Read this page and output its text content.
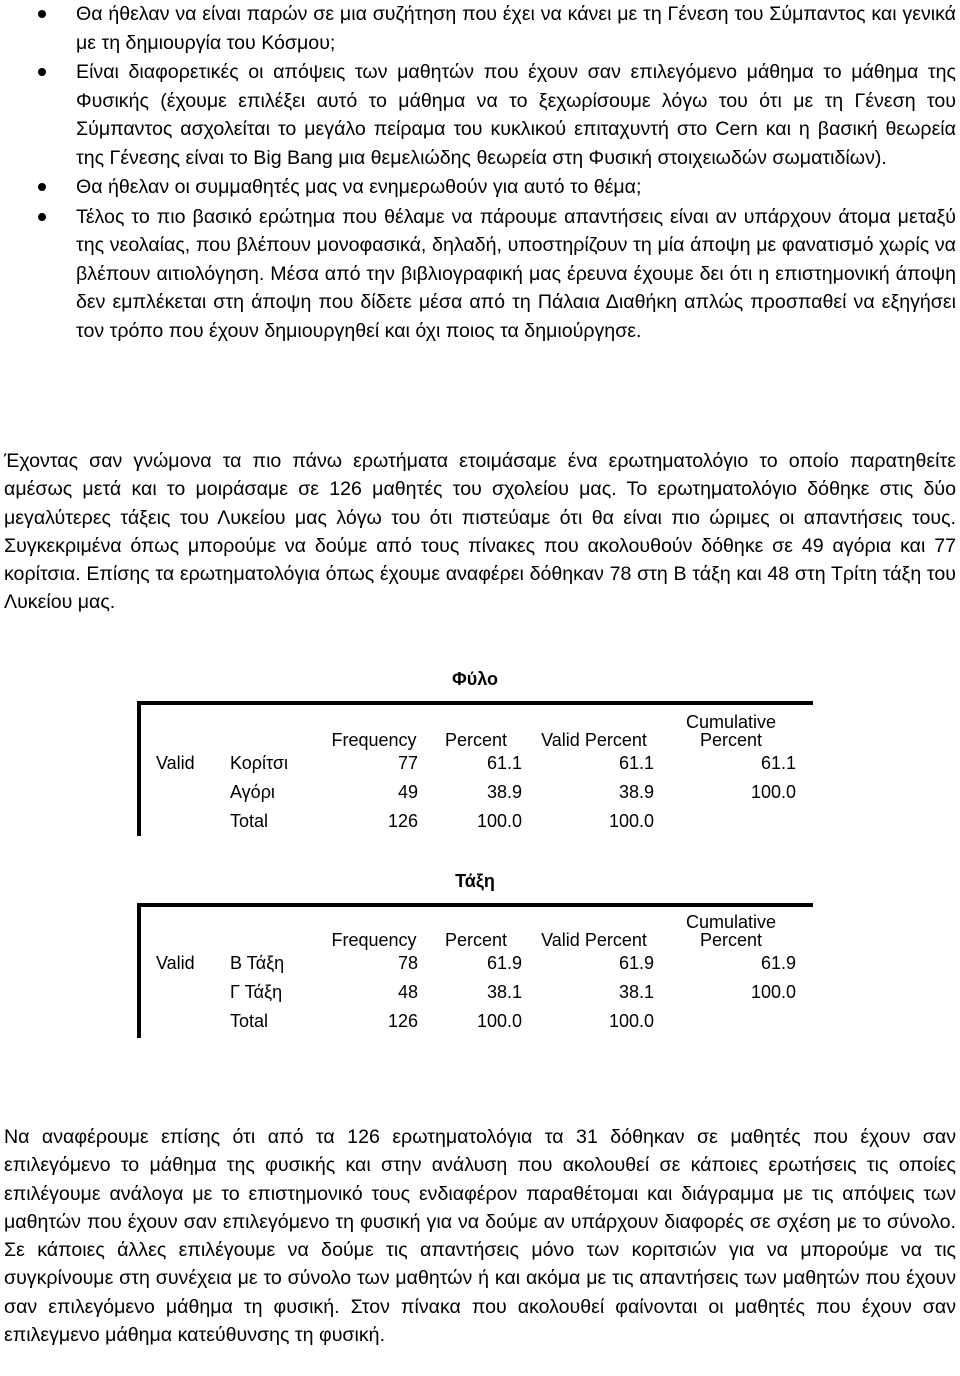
Θα ήθελαν να είναι παρών σε μια συζήτηση που έχει να κάνει με τη Γένεση του Σύμπαντος και γενικά με τη δημιουργία του Κόσμου;
Είναι διαφορετικές οι απόψεις των μαθητών που έχουν σαν επιλεγόμενο μάθημα το μάθημα της Φυσικής (έχουμε επιλέξει αυτό το μάθημα να το ξεχωρίσουμε λόγω του ότι με τη Γένεση του Σύμπαντος ασχολείται το μεγάλο πείραμα του κυκλικού επιταχυντή στο Cern και η βασική θεωρεία της Γένεσης είναι το Big Bang μια θεμελιώδης θεωρεία στη Φυσική στοιχειωδών σωματιδίων).
Θα ήθελαν οι συμμαθητές μας να ενημερωθούν για αυτό το θέμα;
Τέλος το πιο βασικό ερώτημα που θέλαμε να πάρουμε απαντήσεις είναι αν υπάρχουν άτομα μεταξύ της νεολαίας, που βλέπουν μονοφασικά, δηλαδή, υποστηρίζουν τη μία άποψη με φανατισμό χωρίς να βλέπουν αιτιολόγηση. Μέσα από την βιβλιογραφική μας έρευνα έχουμε δει ότι η επιστημονική άποψη δεν εμπλέκεται στη άποψη που δίδετε μέσα από τη Πάλαια Διαθήκη απλώς προσπαθεί να εξηγήσει τον τρόπο που έχουν δημιουργηθεί και όχι ποιος τα δημιούργησε.

Έχοντας σαν γνώμονα τα πιο πάνω ερωτήματα ετοιμάσαμε ένα ερωτηματολόγιο το οποίο παρατηθείτε αμέσως μετά και το μοιράσαμε σε 126 μαθητές του σχολείου μας. Το ερωτηματολόγιο δόθηκε στις δύο μεγαλύτερες τάξεις του Λυκείου μας λόγω του ότι πιστεύαμε ότι θα είναι πιο ώριμες οι απαντήσεις τους. Συγκεκριμένα όπως μπορούμε να δούμε από τους πίνακες που ακολουθούν δόθηκε σε 49 αγόρια και 77 κορίτσια. Επίσης τα ερωτηματολόγια όπως έχουμε αναφέρει δόθηκαν 78 στη Β τάξη και 48 στη Τρίτη τάξη του Λυκείου μας.

Φύλο
		Frequency	Percent	Valid Percent	Cumulative
Percent
Valid	Κορίτσι	77	61.1	61.1	61.1
	Αγόρι	49	38.9	38.9	100.0
	Total	126	100.0	100.0	
Τάξη
		Frequency	Percent	Valid Percent	Cumulative
Percent
Valid	Β Τάξη	78	61.9	61.9	61.9
	Γ Τάξη	48	38.1	38.1	100.0
	Total	126	100.0	100.0	

Να αναφέρουμε επίσης ότι από τα 126 ερωτηματολόγια τα 31 δόθηκαν σε μαθητές που έχουν σαν επιλεγόμενο το μάθημα της φυσικής και στην ανάλυση που ακολουθεί σε κάποιες ερωτήσεις τις οποίες επιλέγουμε ανάλογα με το επιστημονικό τους ενδιαφέρον παραθέτομαι και διάγραμμα με τις απόψεις των μαθητών που έχουν σαν επιλεγόμενο τη φυσική για να δούμε αν υπάρχουν διαφορές σε σχέση με το σύνολο. Σε κάποιες άλλες επιλέγουμε να δούμε τις απαντήσεις μόνο των κοριτσιών για να μπορούμε να τις συγκρίνουμε στη συνέχεια με το σύνολο των μαθητών ή και ακόμα με τις απαντήσεις των μαθητών που έχουν σαν επιλεγόμενο μάθημα τη φυσική. Στον πίνακα που ακολουθεί φαίνονται οι μαθητές που έχουν σαν επιλεγμενο μάθημα κατεύθυνσης τη φυσική.
